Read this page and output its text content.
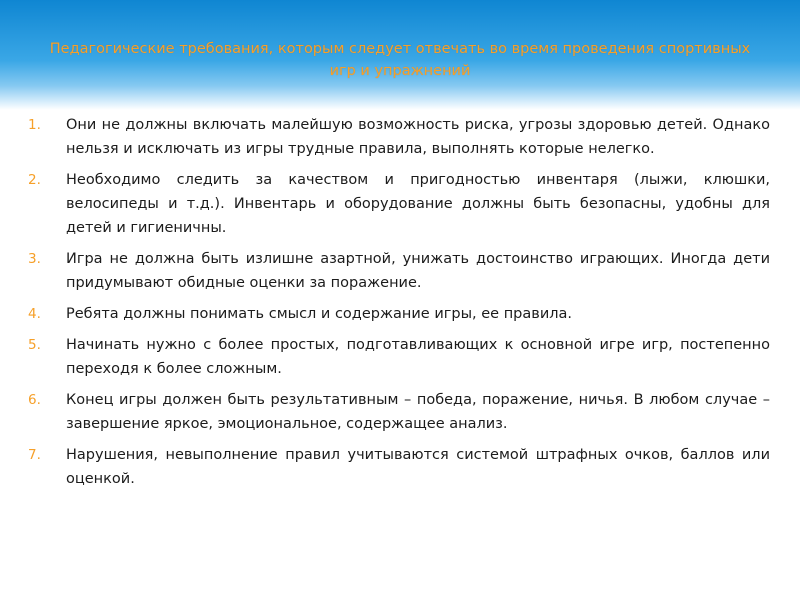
Педагогические требования, которым следует отвечать во время проведения спортивных игр и упражнений
1.	Они не должны включать малейшую возможность риска, угрозы здоровью детей. Однако нельзя и исключать из игры трудные правила, выполнять которые нелегко.
2.	Необходимо следить за качеством и пригодностью инвентаря (лыжи, клюшки, велосипеды и т.д.). Инвентарь и оборудование должны быть безопасны, удобны для детей и гигиеничны.
3.	Игра не должна быть излишне азартной, унижать достоинство играющих. Иногда дети придумывают обидные оценки за поражение.
4.	Ребята должны понимать смысл и содержание игры, ее правила.
5.	Начинать нужно с более простых, подготавливающих к основной игре игр, постепенно переходя к более сложным.
6.	Конец игры должен быть результативным – победа, поражение, ничья. В любом случае – завершение яркое, эмоциональное, содержащее анализ.
7.	Нарушения, невыполнение правил учитываются системой штрафных очков, баллов или оценкой.
